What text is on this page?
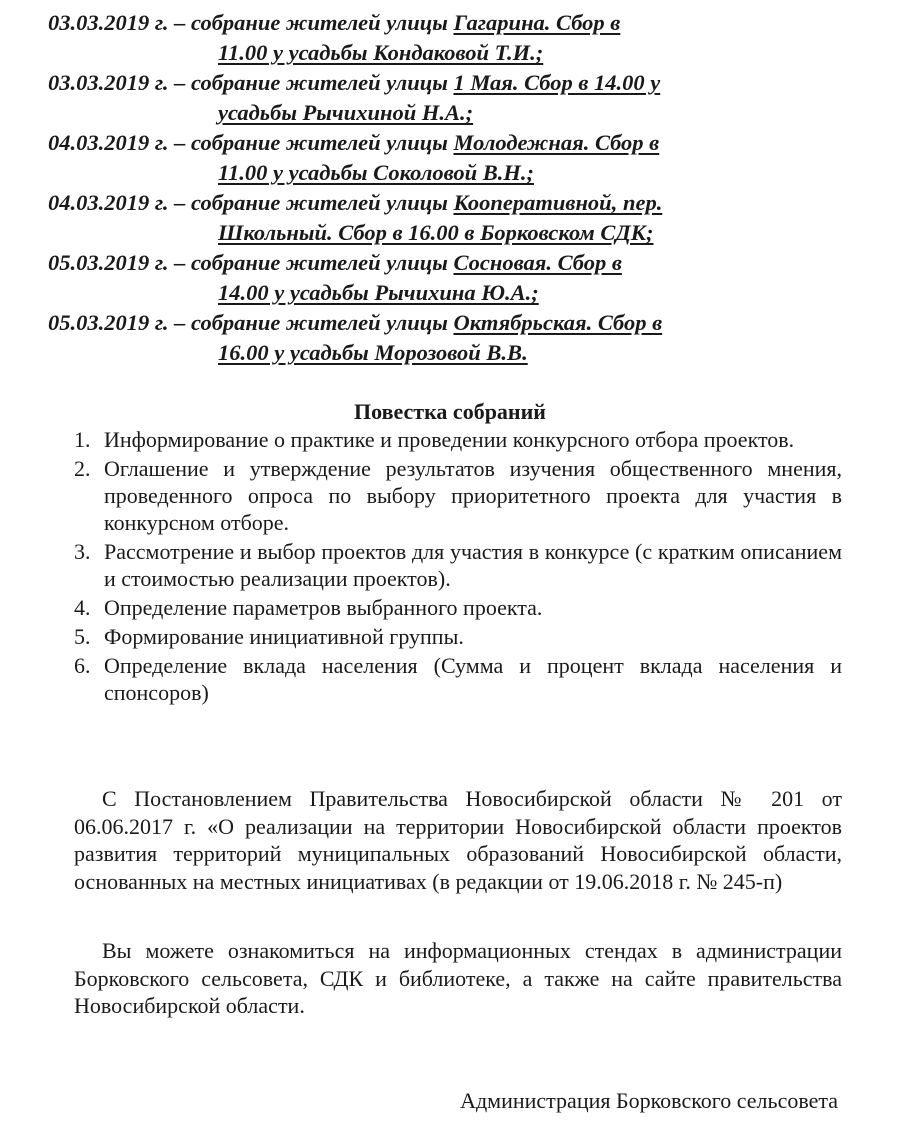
03.03.2019 г. – собрание жителей улицы Гагарина. Сбор в
11.00 у усадьбы Кондаковой Т.И.;

03.03.2019 г. – собрание жителей улицы 1 Мая. Сбор в 14.00 у
усадьбы Рычихиной Н.А.;

04.03.2019 г. – собрание жителей улицы Молодежная. Сбор в
11.00 у усадьбы Соколовой В.Н.;

04.03.2019 г. – собрание жителей улицы Кооперативной, пер.
Школьный. Сбор в 16.00 в Борковском СДК;

05.03.2019 г. – собрание жителей улицы Сосновая. Сбор в
14.00 у усадьбы Рычихина Ю.А.;

05.03.2019 г. – собрание жителей улицы Октябрьская. Сбор в
16.00 у усадьбы Морозовой В.В.

Повестка собраний
1. Информирование о практике и проведении конкурсного отбора проектов.
2. Оглашение и утверждение результатов изучения общественного мнения, проведенного опроса по выбору приоритетного проекта для участия в конкурсном отборе.
3. Рассмотрение и выбор проектов для участия в конкурсе (с кратким описанием и стоимостью реализации проектов).
4. Определение параметров выбранного проекта.
5. Формирование инициативной группы.
6. Определение вклада населения (Сумма и процент вклада населения и спонсоров)

С Постановлением Правительства Новосибирской области № 201 от 06.06.2017 г. «О реализации на территории Новосибирской области проектов развития территорий муниципальных образований Новосибирской области, основанных на местных инициативах (в редакции от 19.06.2018 г. № 245-п)

Вы можете ознакомиться на информационных стендах в администрации Борковского сельсовета, СДК и библиотеке, а также на сайте правительства Новосибирской области.

Администрация Борковского сельсовета
